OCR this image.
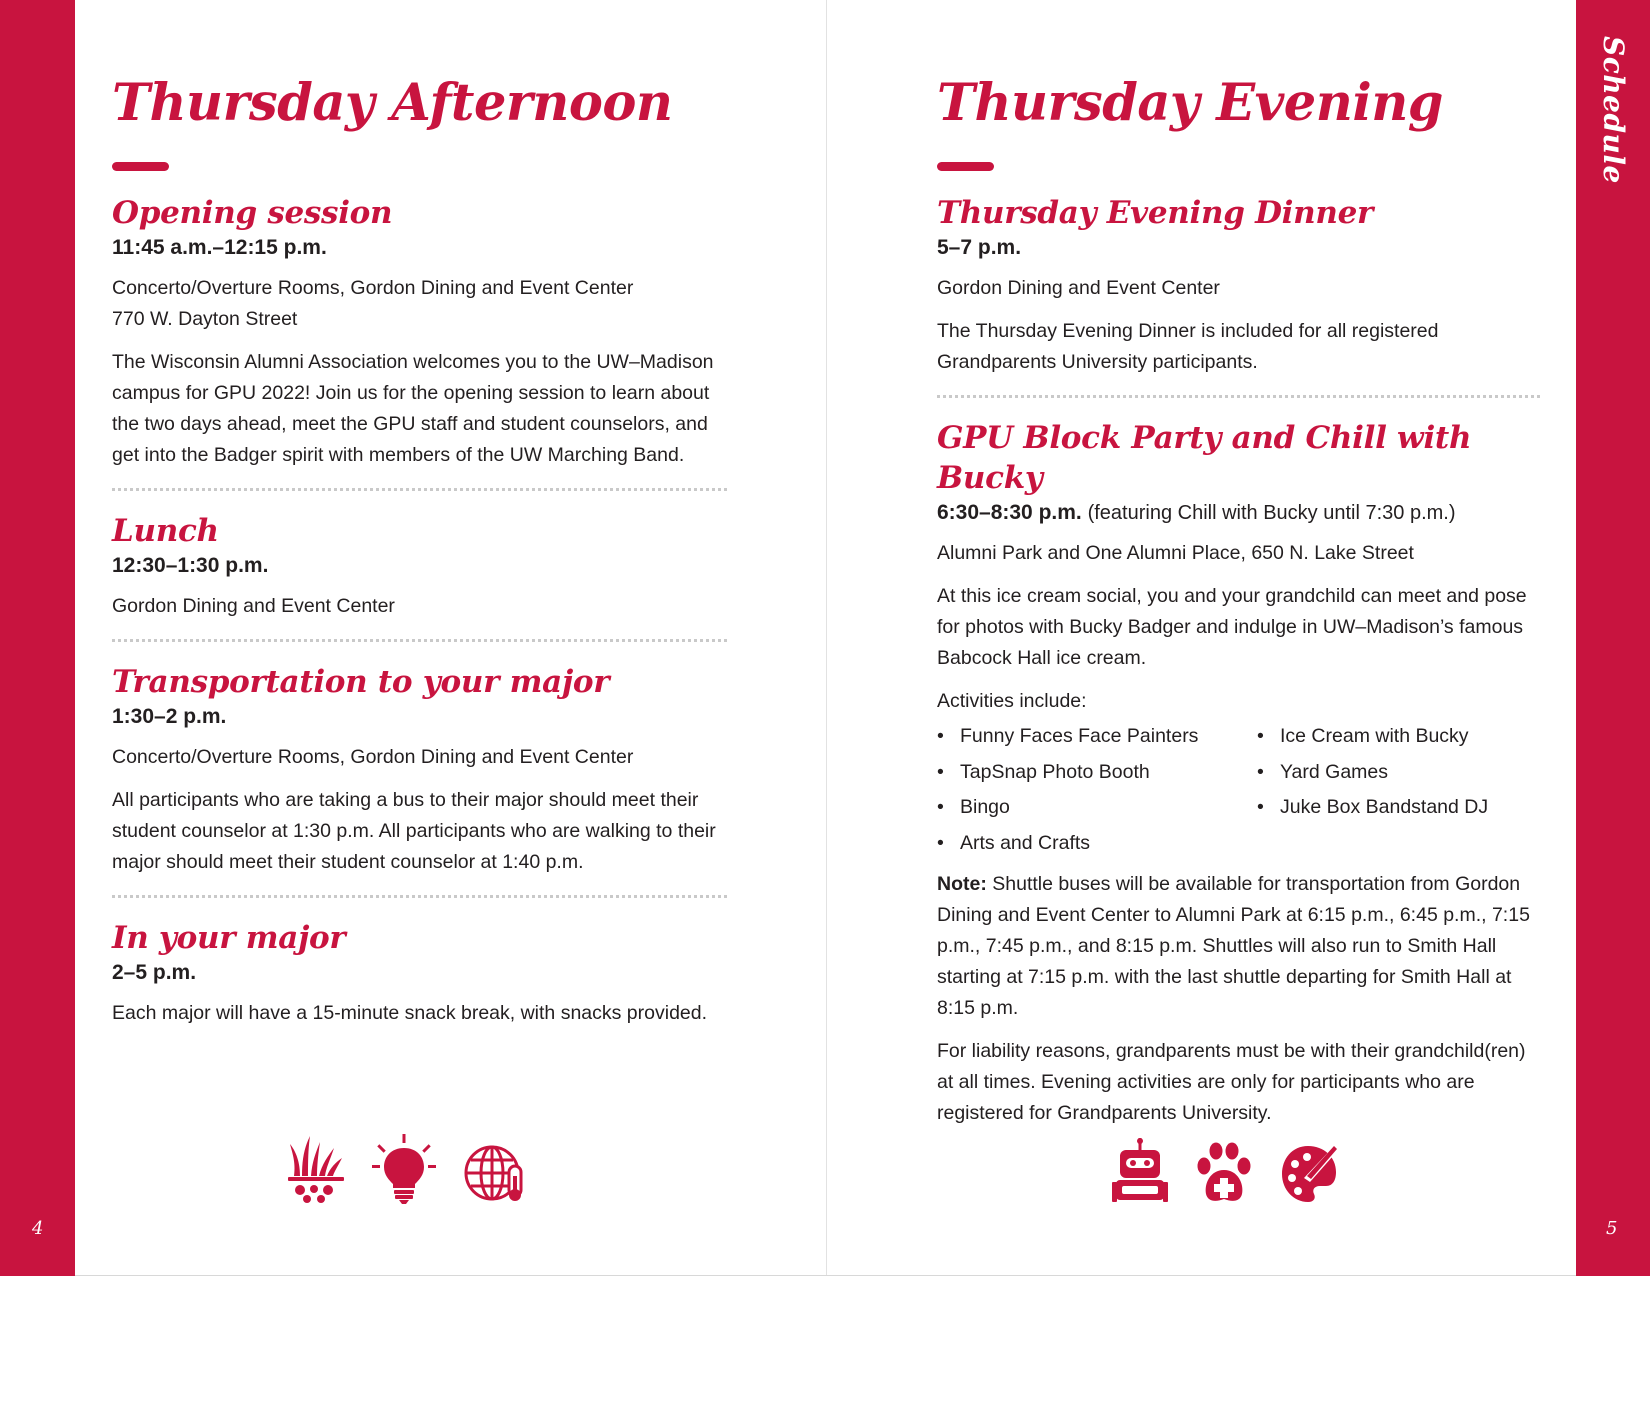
Schedule
4	5
Thursday Afternoon
Opening session
11:45 a.m.–12:15 p.m.

Concerto/Overture Rooms, Gordon Dining and Event Center
770 W. Dayton Street

The Wisconsin Alumni Association welcomes you to the UW–Madison campus for GPU 2022! Join us for the opening session to learn about the two days ahead, meet the GPU staff and student counselors, and get into the Badger spirit with members of the UW Marching Band.

Lunch
12:30–1:30 p.m.

Gordon Dining and Event Center

Transportation to your major
1:30–2 p.m.

Concerto/Overture Rooms, Gordon Dining and Event Center

All participants who are taking a bus to their major should meet their student counselor at 1:30 p.m. All participants who are walking to their major should meet their student counselor at 1:40 p.m.

In your major
2–5 p.m.

Each major will have a 15-minute snack break, with snacks provided.

Thursday Evening
Thursday Evening Dinner
5–7 p.m.

Gordon Dining and Event Center

The Thursday Evening Dinner is included for all registered Grandparents University participants.

GPU Block Party and Chill with Bucky
6:30–8:30 p.m. (featuring Chill with Bucky until 7:30 p.m.)

Alumni Park and One Alumni Place, 650 N. Lake Street

At this ice cream social, you and your grandchild can meet and pose for photos with Bucky Badger and indulge in UW–Madison’s famous Babcock Hall ice cream.

Activities include:

• Funny Faces Face Painters	• Ice Cream with Bucky
• TapSnap Photo Booth	• Yard Games
• Bingo	• Juke Box Bandstand DJ
• Arts and Crafts

Note: Shuttle buses will be available for transportation from Gordon Dining and Event Center to Alumni Park at 6:15 p.m., 6:45 p.m., 7:15 p.m., 7:45 p.m., and 8:15 p.m. Shuttles will also run to Smith Hall starting at 7:15 p.m. with the last shuttle departing for Smith Hall at 8:15 p.m.

For liability reasons, grandparents must be with their grandchild(ren) at all times. Evening activities are only for participants who are registered for Grandparents University.
